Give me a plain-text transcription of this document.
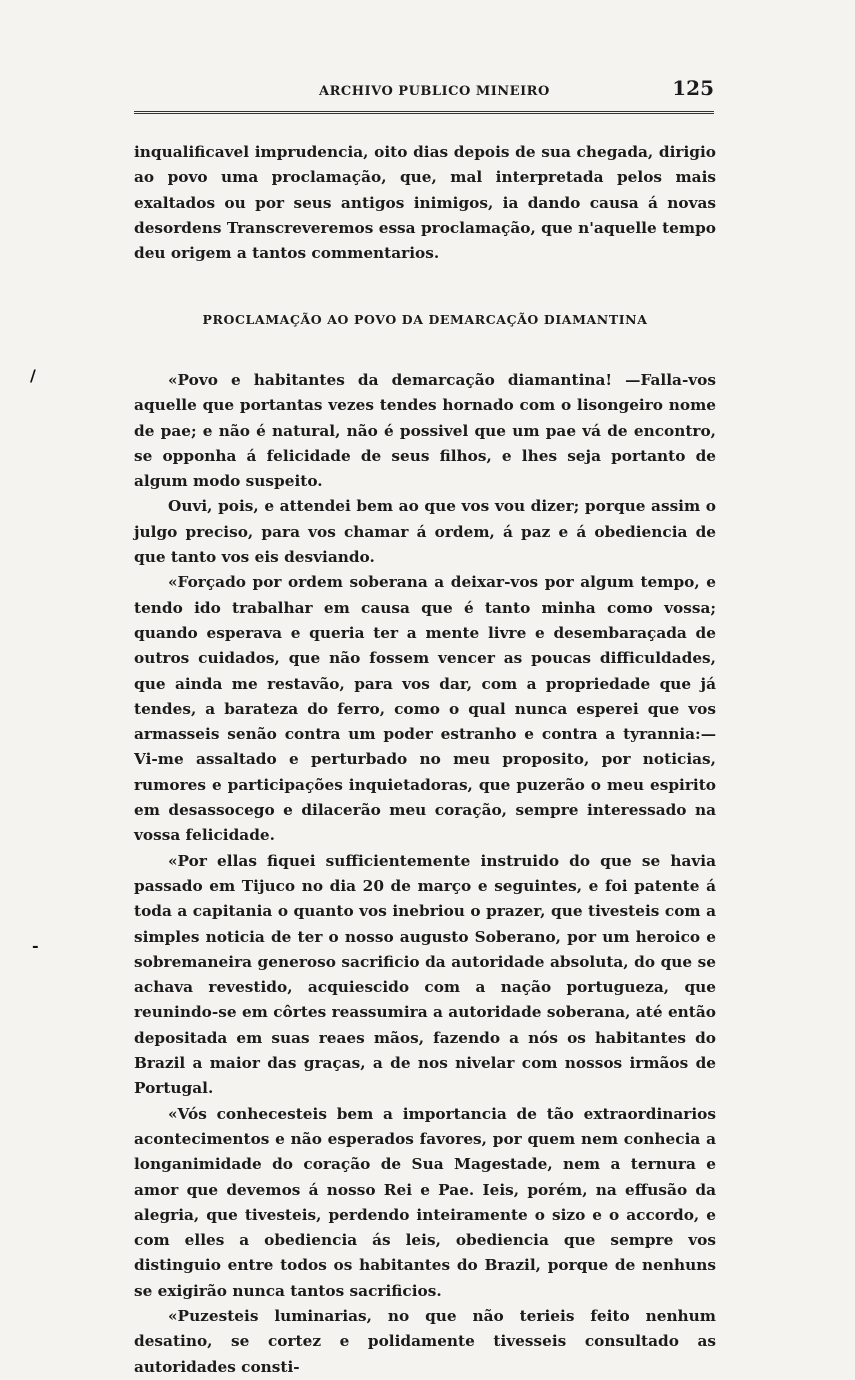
ARCHIVO PUBLICO MINEIRO	125

inqualificavel imprudencia, oito dias depois de sua chegada, dirigio ao povo uma proclamação, que, mal interpretada pelos mais exaltados ou por seus antigos inimigos, ia dando causa á novas desordens Transcreveremos essa proclamação, que n'aquelle tempo deu origem a tantos commentarios.

PROCLAMAÇÃO AO POVO DA DEMARCAÇÃO DIAMANTINA

«Povo e habitantes da demarcação diamantina! —Falla-vos aquelle que portantas vezes tendes hornado com o lisongeiro nome de pae; e não é natural, não é possivel que um pae vá de encontro, se opponha á felicidade de seus filhos, e lhes seja portanto de algum modo suspeito.

Ouvi, pois, e attendei bem ao que vos vou dizer; porque assim o julgo preciso, para vos chamar á ordem, á paz e á obediencia de que tanto vos eis desviando.

«Forçado por ordem soberana a deixar-vos por algum tempo, e tendo ido trabalhar em causa que é tanto minha como vossa; quando esperava e queria ter a mente livre e desembaraçada de outros cuidados, que não fossem vencer as poucas difficuldades, que ainda me restavão, para vos dar, com a propriedade que já tendes, a barateza do ferro, como o qual nunca esperei que vos armasseis senão contra um poder estranho e contra a tyrannia:—Vi-me assaltado e perturbado no meu proposito, por noticias, rumores e participações inquietadoras, que puzerão o meu espirito em desassocego e dilacerão meu coração, sempre interessado na vossa felicidade.

«Por ellas fiquei sufficientemente instruido do que se havia passado em Tijuco no dia 20 de março e seguintes, e foi patente á toda a capitania o quanto vos inebriou o prazer, que tivesteis com a simples noticia de ter o nosso augusto Soberano, por um heroico e sobremaneira generoso sacrificio da autoridade absoluta, do que se achava revestido, acquiescido com a nação portugueza, que reunindo-se em côrtes reassumira a autoridade soberana, até então depositada em suas reaes mãos, fazendo a nós os habitantes do Brazil a maior das graças, a de nos nivelar com nossos irmãos de Portugal.

«Vós conhecesteis bem a importancia de tão extraordinarios acontecimentos e não esperados favores, por quem nem conhecia a longanimidade do coração de Sua Magestade, nem a ternura e amor que devemos á nosso Rei e Pae. Ieis, porém, na effusão da alegria, que tivesteis, perdendo inteiramente o sizo e o accordo, e com elles a obediencia ás leis, obediencia que sempre vos distinguio entre todos os habitantes do Brazil, porque de nenhuns se exigirão nunca tantos sacrificios.

«Puzesteis luminarias, no que não terieis feito nenhum desatino, se cortez e polidamente tivesseis consultado as autoridades consti-

/
-
